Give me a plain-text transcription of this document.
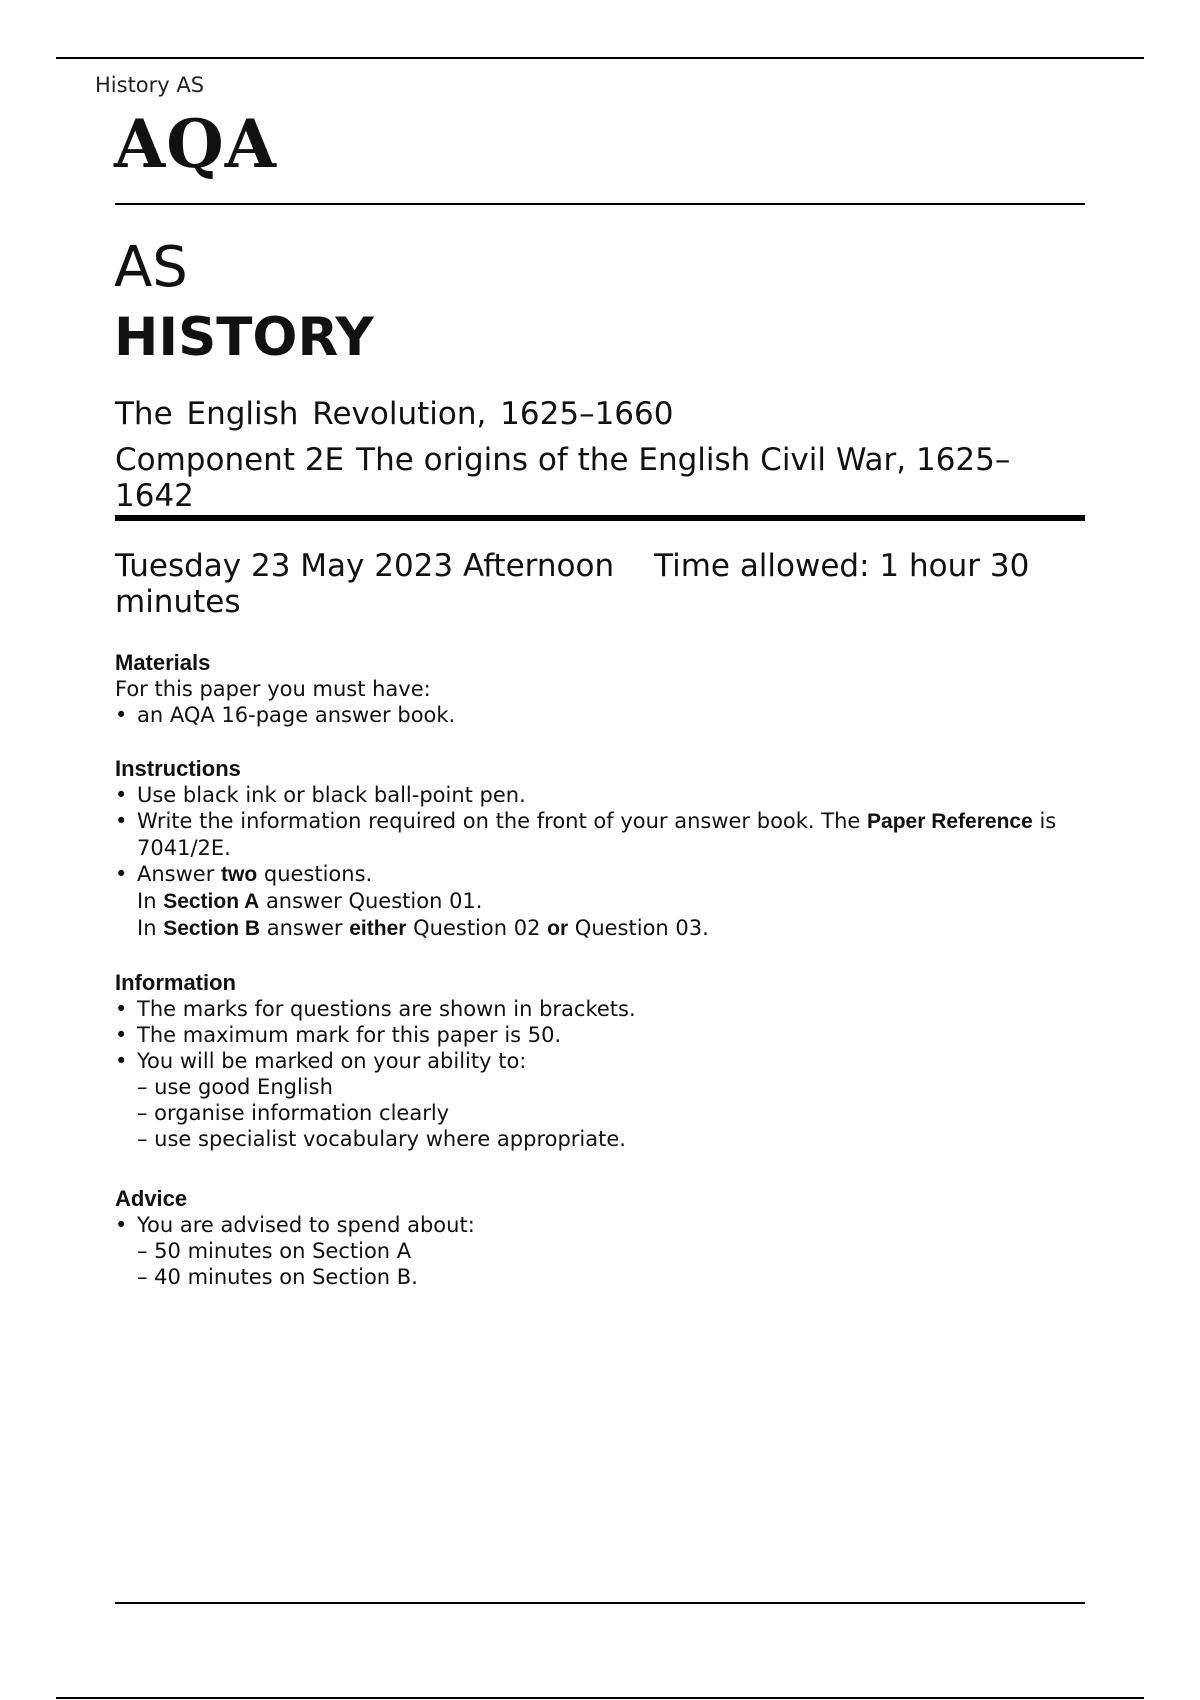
History AS
AQA
AS
HISTORY
The English Revolution, 1625–1660
Component 2E The origins of the English Civil War, 1625–1642
Tuesday 23 May 2023 Afternoon Time allowed: 1 hour 30 minutes
Materials

For this paper you must have:

• an AQA 16-page answer book.
Instructions
• Use black ink or black ball-point pen.
• Write the information required on the front of your answer book. The Paper Reference is 7041/2E.
• Answer two questions.
In Section A answer Question 01.
In Section B answer either Question 02 or Question 03.
Information
• The marks for questions are shown in brackets.
• The maximum mark for this paper is 50.
• You will be marked on your ability to:
– use good English
– organise information clearly
– use specialist vocabulary where appropriate.
Advice
• You are advised to spend about:
– 50 minutes on Section A
– 40 minutes on Section B.
